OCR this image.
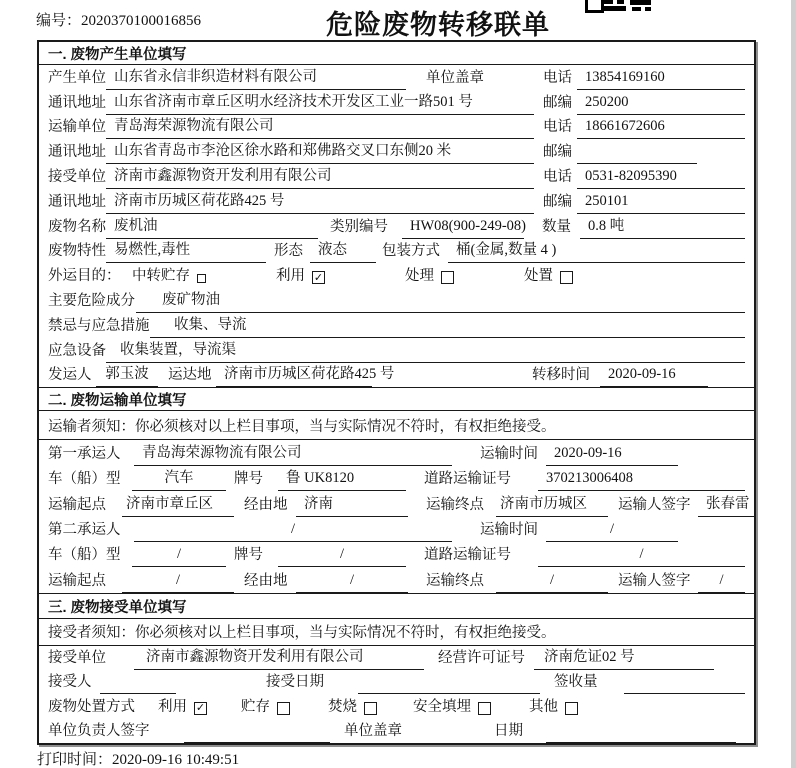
编号：2020370100016856	危险废物转移联单
一. 废物产生单位填写
产生单位 山东省永信非织造材料有限公司	单位盖章	电话 13854169160
通讯地址 山东省济南市章丘区明水经济技术开发区工业一路501 号	邮编 250200
运输单位 青岛海荣源物流有限公司	电话 18661672606
通讯地址 山东省青岛市李沧区徐水路和郑佛路交叉口东侧20 米	邮编
接受单位 济南市鑫源物资开发利用有限公司	电话 0531-82095390
通讯地址 济南市历城区荷花路425 号	邮编 250101
废物名称 废机油	类别编号	HW08(900-249-08) 数量	0.8 吨
废物特性 易燃性,毒性	形态	液态	包装方式	桶(金属,数量 4 )
外运目的： 中转贮存	利用 ✓	处理	处置
主要危险成分	废矿物油
禁忌与应急措施	收集、导流
应急设备 收集装置，导流渠
发运人 郭玉波	运达地 济南市历城区荷花路425 号	转移时间	2020-09-16
二. 废物运输单位填写
运输者须知：你必须核对以上栏目事项，当与实际情况不符时，有权拒绝接受。
第一承运人	青岛海荣源物流有限公司	运输时间	2020-09-16
车（船）型	汽车	牌号	鲁 UK8120	道路运输证号	370213006408
运输起点 济南市章丘区	经由地	济南	运输终点 济南市历城区	运输人签字	张春雷
第二承运人	/	运输时间	/
车（船）型	/	牌号	/	道路运输证号	/
运输起点	/	经由地	/	运输终点	/	运输人签字	/
三. 废物接受单位填写
接受者须知：你必须核对以上栏目事项，当与实际情况不符时，有权拒绝接受。
接受单位	济南市鑫源物资开发利用有限公司	经营许可证号	济南危证02 号
接受人	接受日期	签收量
废物处置方式 利用 ✓ 贮存	焚烧	安全填埋	其他
单位负责人签字	单位盖章	日期
打印时间：2020-09-16 10:49:51
